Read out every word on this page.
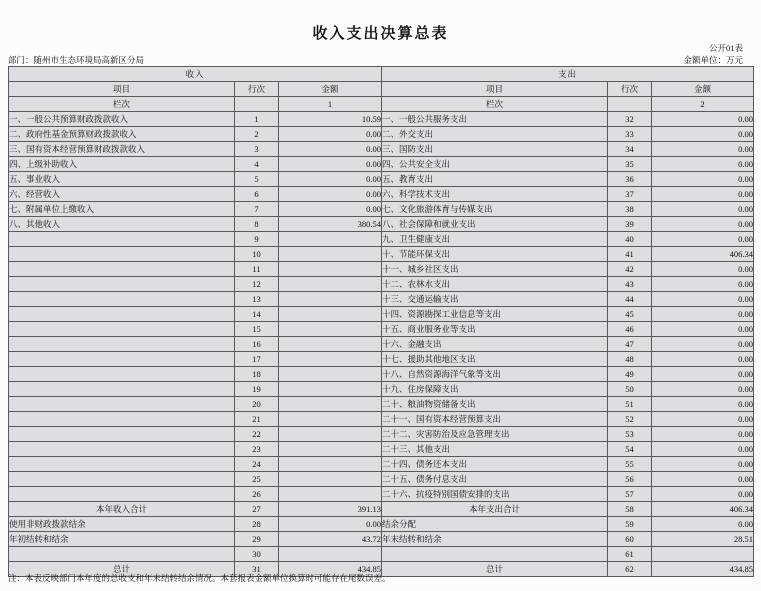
收入支出决算总表
公开01表
金额单位：万元
部门：随州市生态环境局高新区分局
收入			支出		
项目	行次	金额	项目	行次	金额
栏次		1	栏次		2
一、一般公共预算财政拨款收入	1	10.59	一、一般公共服务支出	32	0.00
二、政府性基金预算财政拨款收入	2	0.00	二、外交支出	33	0.00
三、国有资本经营预算财政拨款收入	3	0.00	三、国防支出	34	0.00
四、上级补助收入	4	0.00	四、公共安全支出	35	0.00
五、事业收入	5	0.00	五、教育支出	36	0.00
六、经营收入	6	0.00	六、科学技术支出	37	0.00
七、附属单位上缴收入	7	0.00	七、文化旅游体育与传媒支出	38	0.00
八、其他收入	8	380.54	八、社会保障和就业支出	39	0.00
	9		九、卫生健康支出	40	0.00
	10		十、节能环保支出	41	406.34
	11		十一、城乡社区支出	42	0.00
	12		十二、农林水支出	43	0.00
	13		十三、交通运输支出	44	0.00
	14		十四、资源勘探工业信息等支出	45	0.00
	15		十五、商业服务业等支出	46	0.00
	16		十六、金融支出	47	0.00
	17		十七、援助其他地区支出	48	0.00
	18		十八、自然资源海洋气象等支出	49	0.00
	19		十九、住房保障支出	50	0.00
	20		二十、粮油物资储备支出	51	0.00
	21		二十一、国有资本经营预算支出	52	0.00
	22		二十二、灾害防治及应急管理支出	53	0.00
	23		二十三、其他支出	54	0.00
	24		二十四、债务还本支出	55	0.00
	25		二十五、债务付息支出	56	0.00
	26		二十六、抗疫特别国债安排的支出	57	0.00
本年收入合计	27	391.13	本年支出合计	58	406.34
使用非财政拨款结余	28	0.00	结余分配	59	0.00
年初结转和结余	29	43.72	年末结转和结余	60	28.51
	30			61	
总计	31	434.85	总计	62	434.85
注：本表反映部门本年度的总收支和年末结转结余情况。本套报表金额单位换算时可能存在尾数误差。
